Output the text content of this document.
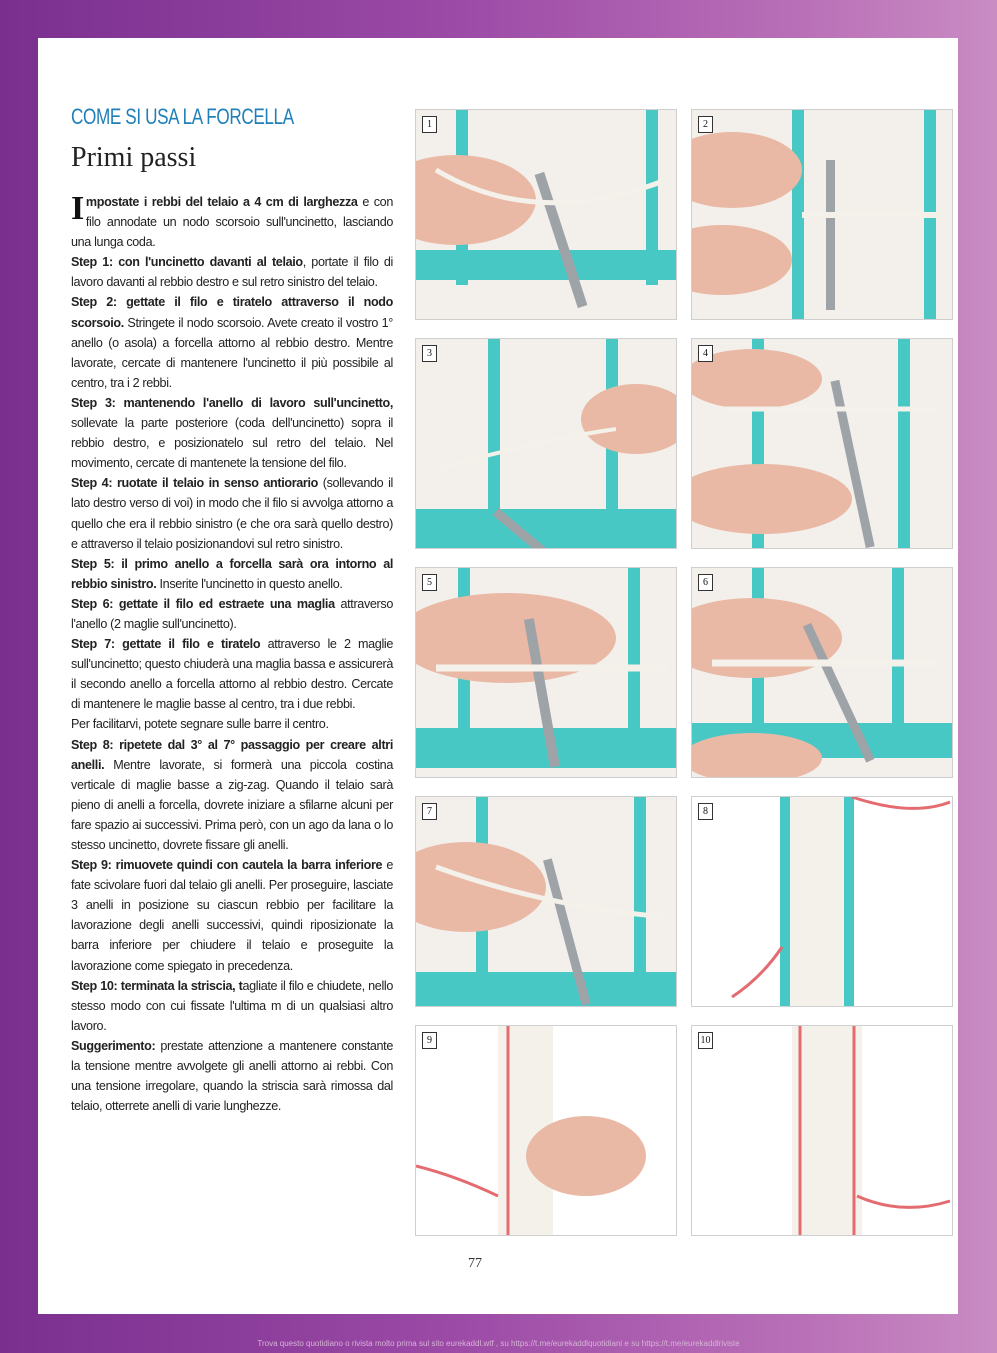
COME SI USA LA FORCELLA
Primi passi

Impostate i rebbi del telaio a 4 cm di larghezza e con filo annodate un nodo scorsoio sull'uncinetto, lasciando una lunga coda.

Step 1: con l'uncinetto davanti al telaio, portate il filo di lavoro davanti al rebbio destro e sul retro sinistro del telaio.

Step 2: gettate il filo e tiratelo attraverso il nodo scorsoio. Stringete il nodo scorsoio. Avete creato il vostro 1° anello (o asola) a forcella attorno al rebbio destro. Mentre lavorate, cercate di mantenere l'uncinetto il più possibile al centro, tra i 2 rebbi.

Step 3: mantenendo l'anello di lavoro sull'uncinetto, sollevate la parte posteriore (coda dell'uncinetto) sopra il rebbio destro, e posizionatelo sul retro del telaio. Nel movimento, cercate di mantenete la tensione del filo.

Step 4: ruotate il telaio in senso antiorario (sollevando il lato destro verso di voi) in modo che il filo si avvolga attorno a quello che era il rebbio sinistro (e che ora sarà quello destro) e attraverso il telaio posizionandovi sul retro sinistro.

Step 5: il primo anello a forcella sarà ora intorno al rebbio sinistro. Inserite l'uncinetto in questo anello.

Step 6: gettate il filo ed estraete una maglia attraverso l'anello (2 maglie sull'uncinetto).

Step 7: gettate il filo e tiratelo attraverso le 2 maglie sull'uncinetto; questo chiuderà una maglia bassa e assicurerà il secondo anello a forcella attorno al rebbio destro. Cercate di mantenere le maglie basse al centro, tra i due rebbi.

Per facilitarvi, potete segnare sulle barre il centro.

Step 8: ripetete dal 3° al 7° passaggio per creare altri anelli. Mentre lavorate, si formerà una piccola costina verticale di maglie basse a zig-zag. Quando il telaio sarà pieno di anelli a forcella, dovrete iniziare a sfilarne alcuni per fare spazio ai successivi. Prima però, con un ago da lana o lo stesso uncinetto, dovrete fissare gli anelli.

Step 9: rimuovete quindi con cautela la barra inferiore e fate scivolare fuori dal telaio gli anelli. Per proseguire, lasciate 3 anelli in posizione su ciascun rebbio per facilitare la lavorazione degli anelli successivi, quindi riposizionate la barra inferiore per chiudere il telaio e proseguite la lavorazione come spiegato in precedenza.

Step 10: terminata la striscia, tagliate il filo e chiudete, nello stesso modo con cui fissate l'ultima m di un qualsiasi altro lavoro.

Suggerimento: prestate attenzione a mantenere constante la tensione mentre avvolgete gli anelli attorno ai rebbi. Con una tensione irregolare, quando la striscia sarà rimossa dal telaio, otterrete anelli di varie lunghezze.

1	2
3	4
5	6
7	8
9	10
77
Trova questo quotidiano o rivista molto prima sul sito eurekaddl.wtf , su https://t.me/eurekaddlquotidiani e su https://t.me/eurekaddlriviste
